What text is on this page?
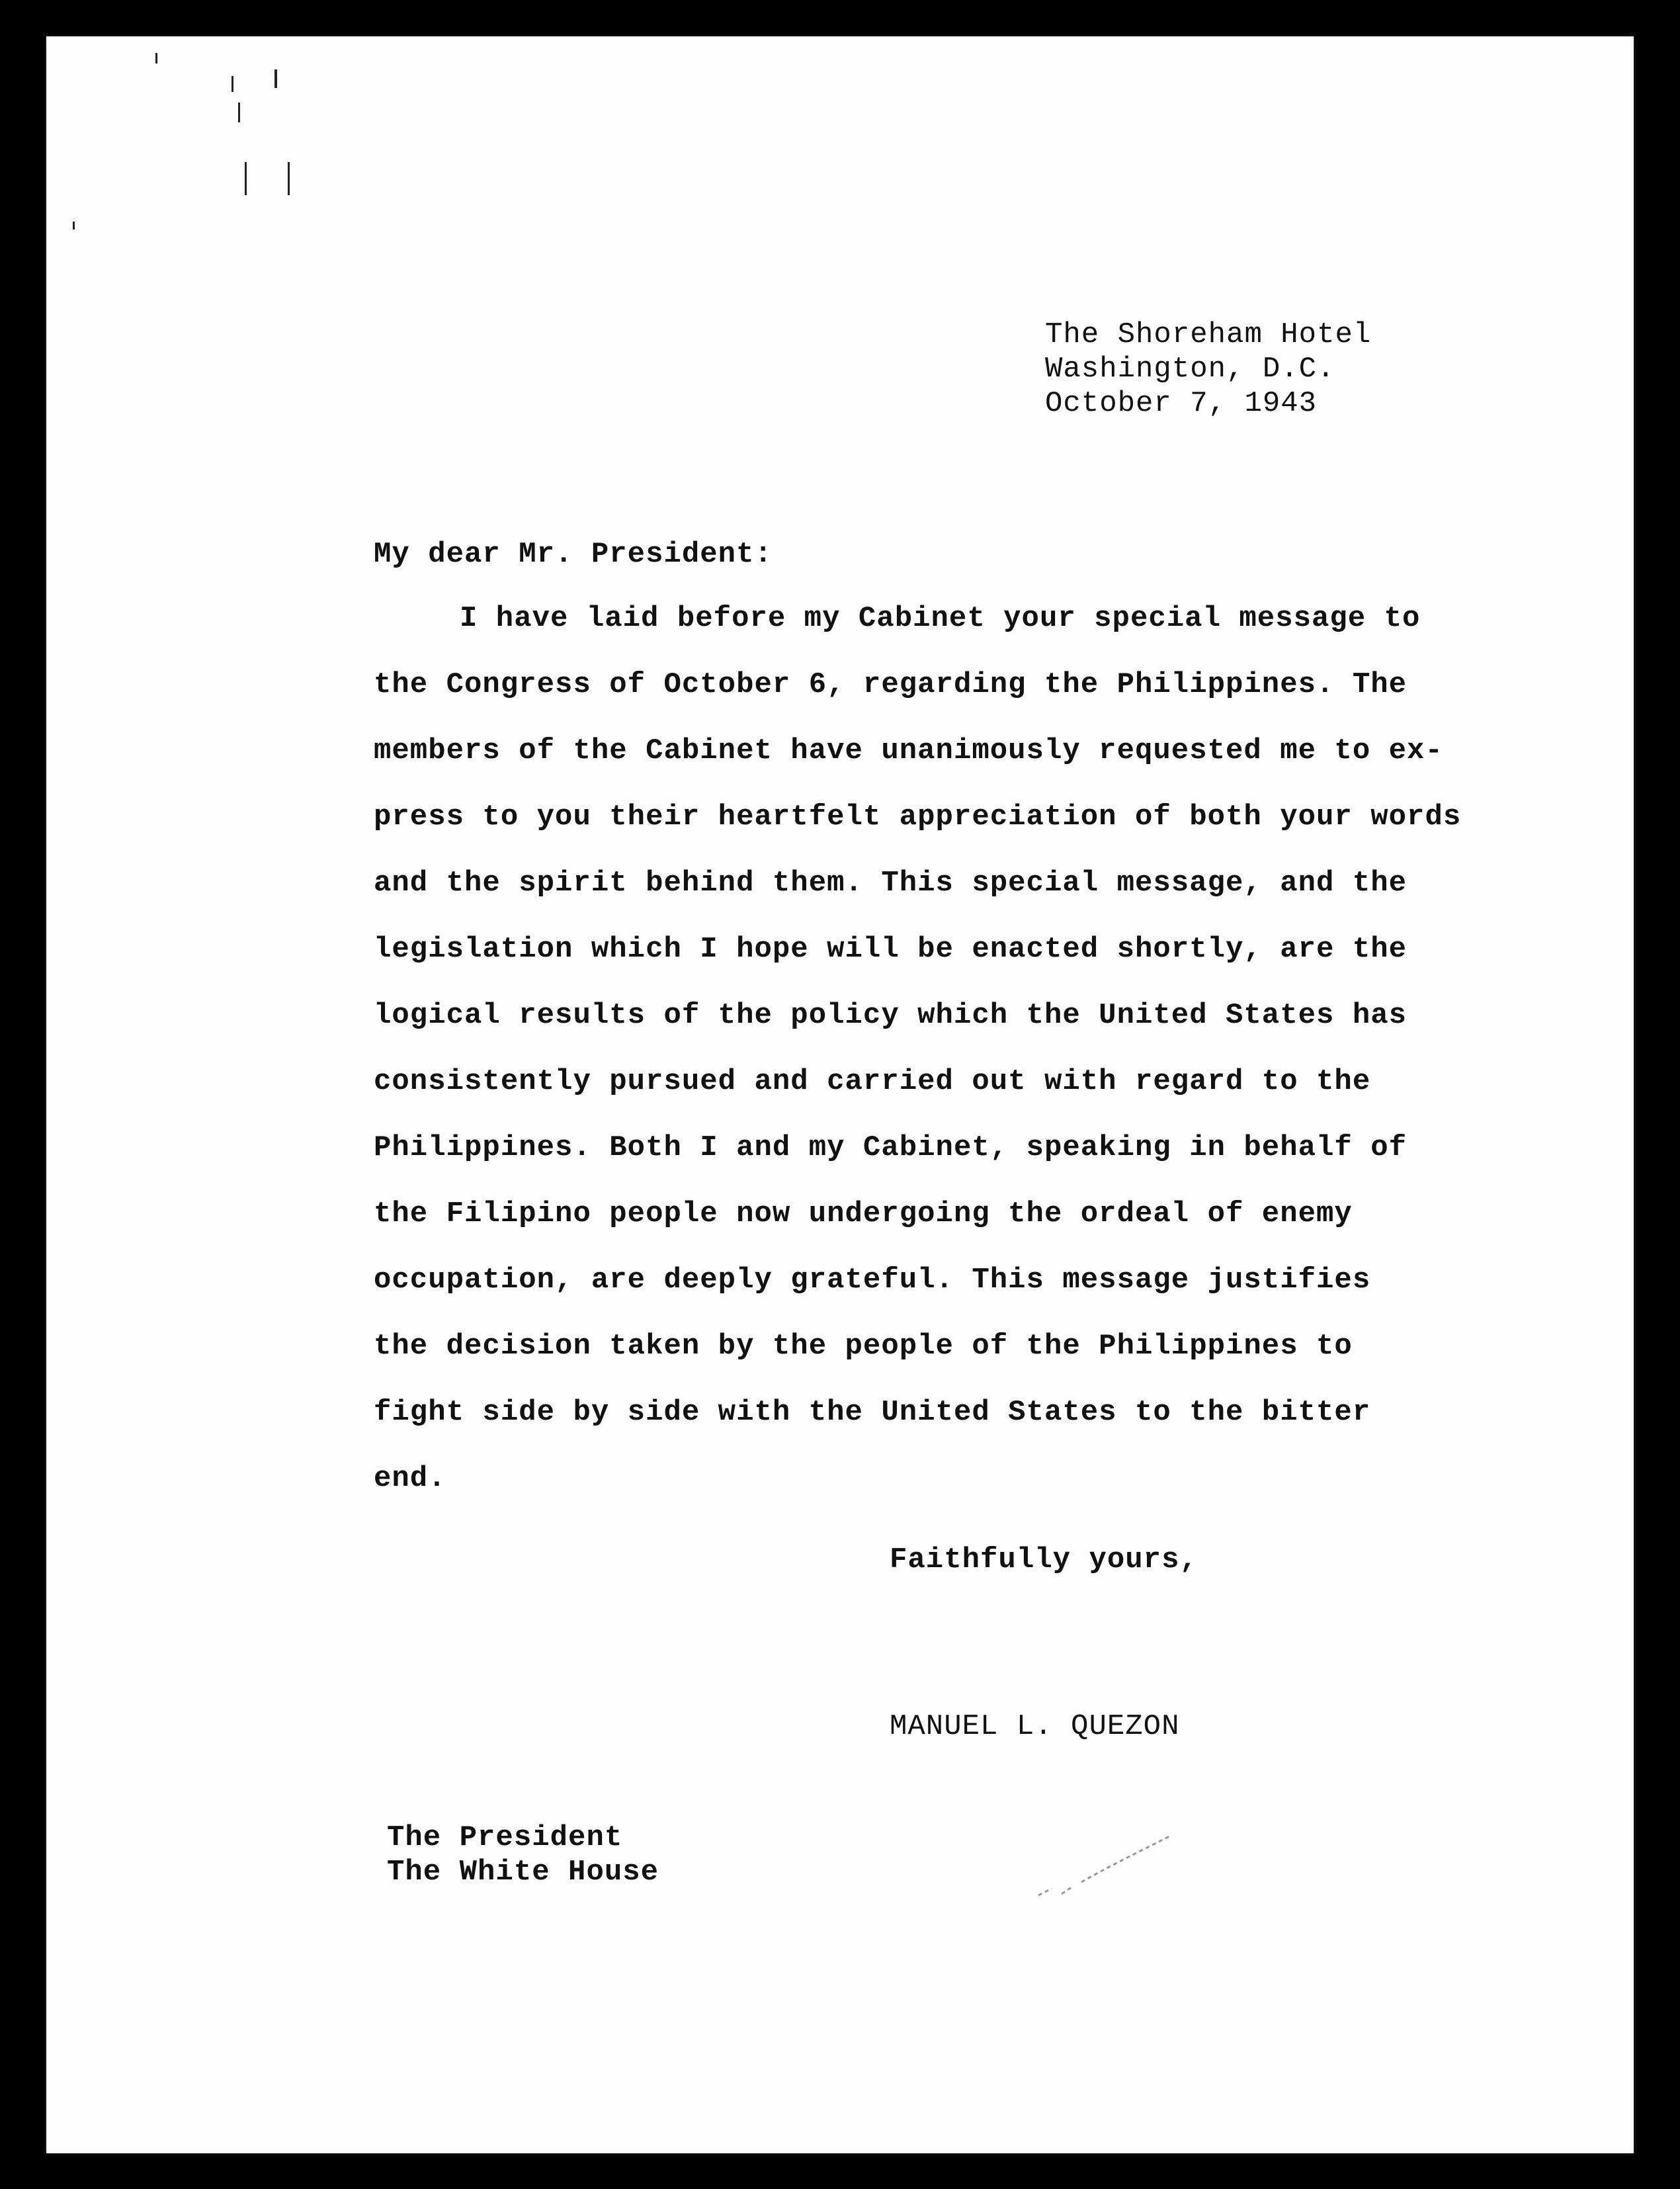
The Shoreham Hotel
Washington, D.C.
October 7, 1943
My dear Mr. President:
I have laid before my Cabinet your special message to
the Congress of October 6, regarding the Philippines. The
members of the Cabinet have unanimously requested me to ex-
press to you their heartfelt appreciation of both your words
and the spirit behind them. This special message, and the
legislation which I hope will be enacted shortly, are the
logical results of the policy which the United States has
consistently pursued and carried out with regard to the
Philippines. Both I and my Cabinet, speaking in behalf of
the Filipino people now undergoing the ordeal of enemy
occupation, are deeply grateful. This message justifies
the decision taken by the people of the Philippines to
fight side by side with the United States to the bitter
end.
Faithfully yours,
MANUEL L. QUEZON
The President
The White House
